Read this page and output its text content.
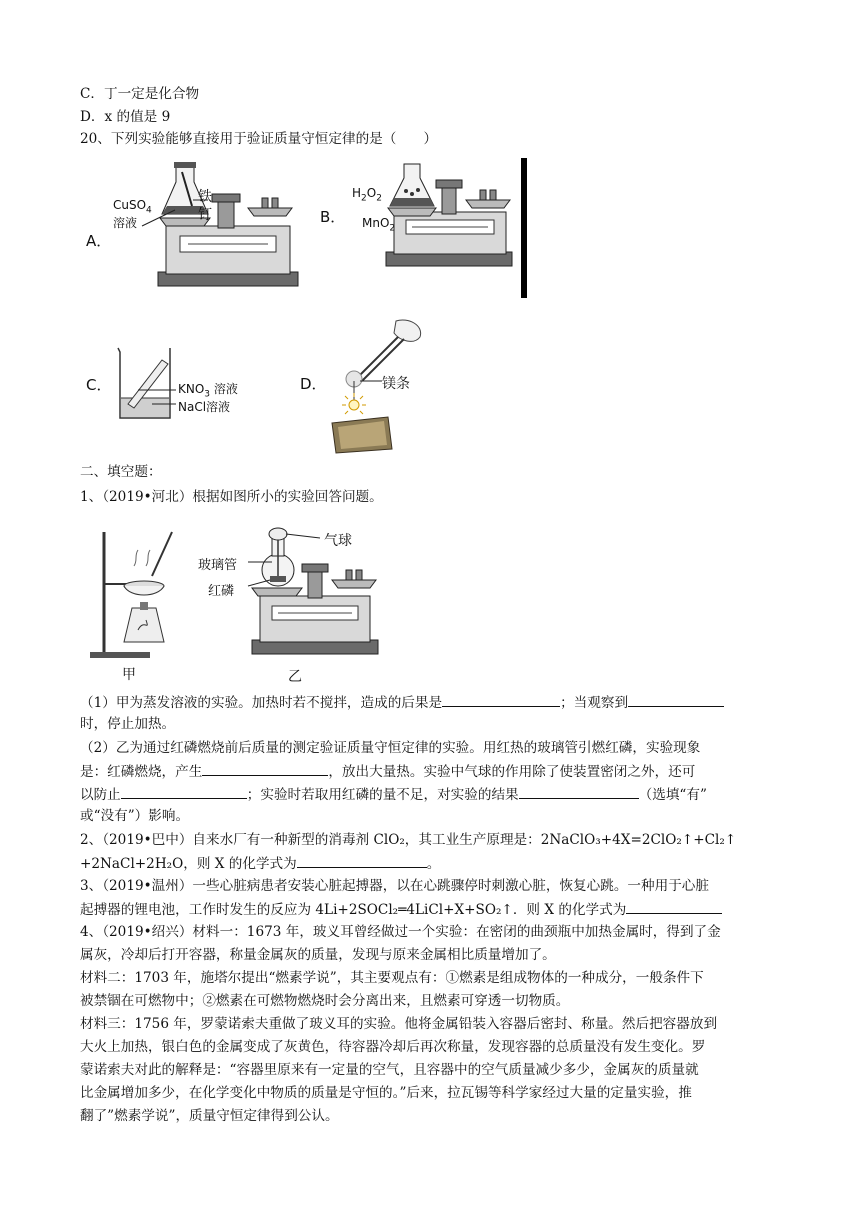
C．丁一定是化合物
D．x 的值是 9
20、下列实验能够直接用于验证质量守恒定律的是（　　）
A．
CuSO$_4$
溶液
铁
钉	B．
$H_2O_2$
MnO$_2$
C．	$KNO_3$ 溶液
NaCl溶液
D．	镁条
二、填空题：
1、（2019•河北）根据如图所小的实验回答问题。
甲	乙
气球
玻璃管
红磷
（1）甲为蒸发溶液的实验。加热时若不搅拌，造成的后果是	；当观察到
时，停止加热。
（2）乙为通过红磷燃烧前后质量的测定验证质量守恒定律的实验。用红热的玻璃管引燃红磷，实验现象
是：红磷燃烧，产生	，放出大量热。实验中气球的作用除了使装置密闭之外，还可
以防止	；实验时若取用红磷的量不足，对实验的结果	（选填“有”
或“没有”）影响。
2、（2019•巴中）自来水厂有一种新型的消毒剂 ClO₂，其工业生产原理是：2NaClO₃+4X=2ClO₂↑+Cl₂↑
+2NaCl+2H₂O，则 X 的化学式为	。
3、（2019•温州）一些心脏病患者安装心脏起搏器，以在心跳骤停时刺激心脏，恢复心跳。一种用于心脏
起搏器的锂电池，工作时发生的反应为 4Li+2SOCl₂═4LiCl+X+SO₂↑．则 X 的化学式为
4、（2019•绍兴）材料一：1673 年，玻义耳曾经做过一个实验：在密闭的曲颈瓶中加热金属时，得到了金
属灰，冷却后打开容器，称量金属灰的质量，发现与原来金属相比质量增加了。
材料二：1703 年，施塔尔提出“燃素学说”，其主要观点有：①燃素是组成物体的一种成分，一般条件下
被禁锢在可燃物中；②燃素在可燃物燃烧时会分离出来，且燃素可穿透一切物质。
材料三：1756 年，罗蒙诺索夫重做了玻义耳的实验。他将金属铅装入容器后密封、称量。然后把容器放到
大火上加热，银白色的金属变成了灰黄色，待容器冷却后再次称量，发现容器的总质量没有发生变化。罗
蒙诺索夫对此的解释是：“容器里原来有一定量的空气，且容器中的空气质量减少多少，金属灰的质量就
比金属增加多少，在化学变化中物质的质量是守恒的。”后来，拉瓦锡等科学家经过大量的定量实验，推
翻了”燃素学说”，质量守恒定律得到公认。
